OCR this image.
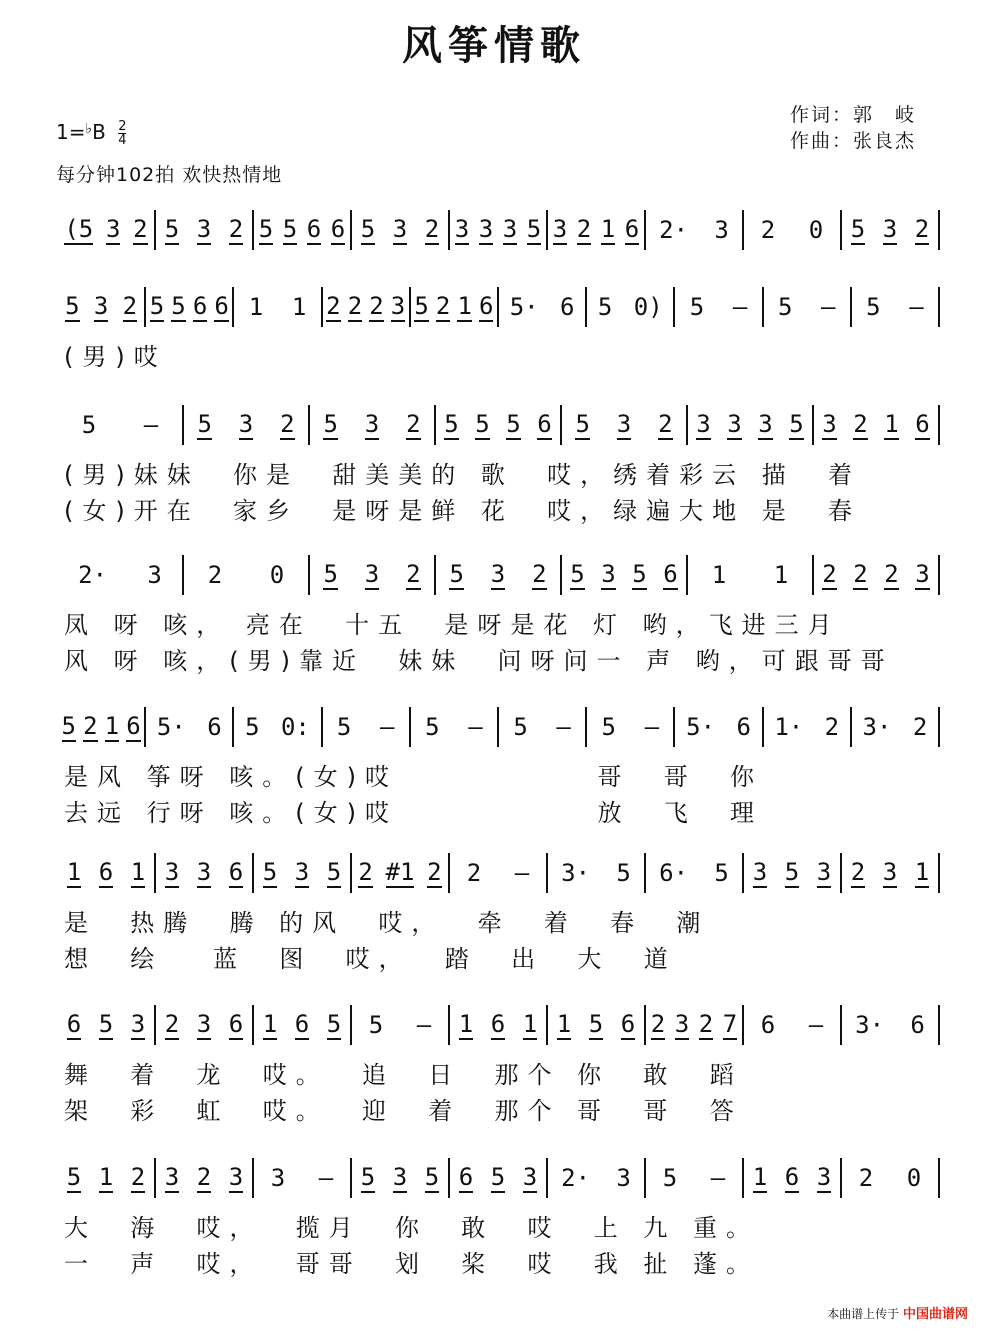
风筝情歌
作词：郭　岐
作曲：张良杰
$1=^♭B \frac{2}{4}$
每分钟102拍 欢快热情地
(5 3 2 5 3 2 5 5 6 6 5 3 2 3 3 3 5 3 2 1 6 2· 3 2 0 5 3 2
5 3 2 5 5 6 6 1 1 2 2 2 3 5 2 1 6 5· 6 5 0) 5 – 5 – 5 –
(男)哎
5 – 5 3 2 5 3 2 5 5 5 6 5 3 2 3 3 3 5 3 2 1 6
(男)妹妹  你是  甜美美的 歌  哎，绣着彩云 描  着
(女)开在  家乡  是呀是鲜 花  哎，绿遍大地 是  春
2· 3 2 0 5 3 2 5 3 2 5 3 5 6 1 1 2 2 2 3
凤 呀 咳， 亮在  十五  是呀是花 灯 哟，飞进三月
风 呀 咳，(男)靠近  妹妹  问呀问一 声 哟，可跟哥哥
5 2 1 6 5· 6 5 0: 5 – 5 – 5 – 5 – 5· 6 1· 2 3· 2
是风 筝呀 咳。(女)哎            哥  哥  你
去远 行呀 咳。(女)哎            放  飞  理
1 6 1 3 3 6 5 3 5 2 #1 2 2 – 3· 5 6· 5 3 5 3 2 3 1
是  热腾  腾 的风  哎，  牵  着  春  潮
想  绘   蓝  图  哎，  踏  出  大  道
6 5 3 2 3 6 1 6 5 5 – 1 6 1 1 5 6 2 3 2 7 6 – 3· 6
舞  着  龙  哎。  追  日  那个 你  敢  蹈
架  彩  虹  哎。  迎  着  那个 哥  哥  答
5 1 2 3 2 3 3 – 5 3 5 6 5 3 2· 3 5 – 1 6 3 2 0
大  海  哎，  揽月  你  敢  哎  上 九 重。
一  声  哎，  哥哥  划  桨  哎  我 扯 蓬。
本曲谱上传于 中国曲谱网
